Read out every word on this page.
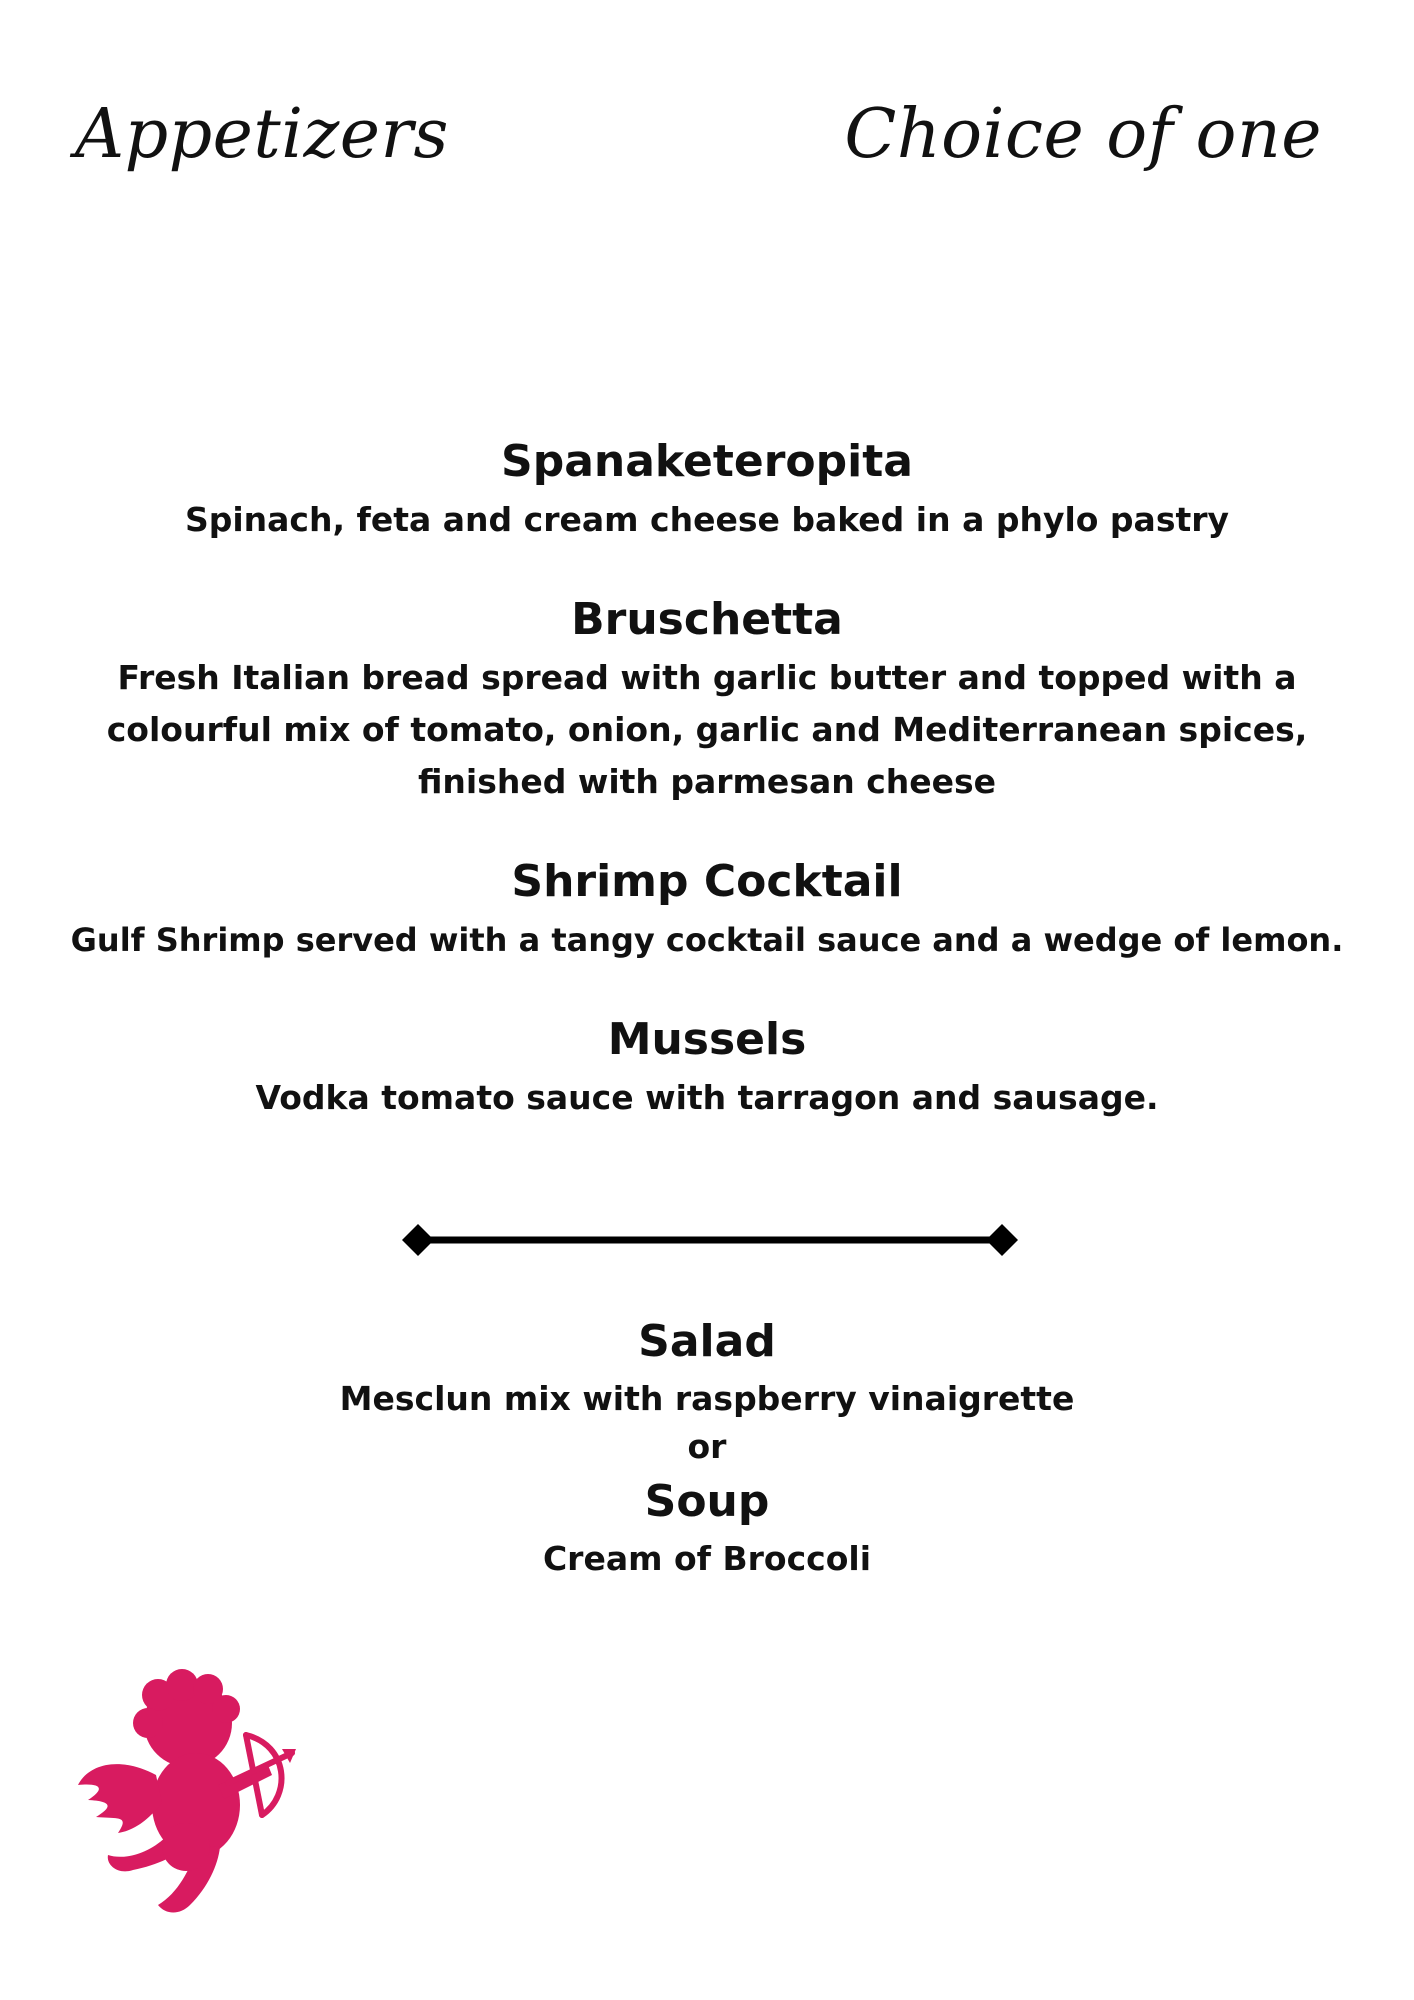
Appetizers	Choice of one
Spanaketeropita
Spinach, feta and cream cheese baked in a phylo pastry
Bruschetta
Fresh Italian bread spread with garlic butter and topped with a colourful mix of tomato, onion, garlic and Mediterranean spices, finished with parmesan cheese
Shrimp Cocktail
Gulf Shrimp served with a tangy cocktail sauce and a wedge of lemon.
Mussels
Vodka tomato sauce with tarragon and sausage.
Salad
Mesclun mix with raspberry vinaigrette
or
Soup
Cream of Broccoli
